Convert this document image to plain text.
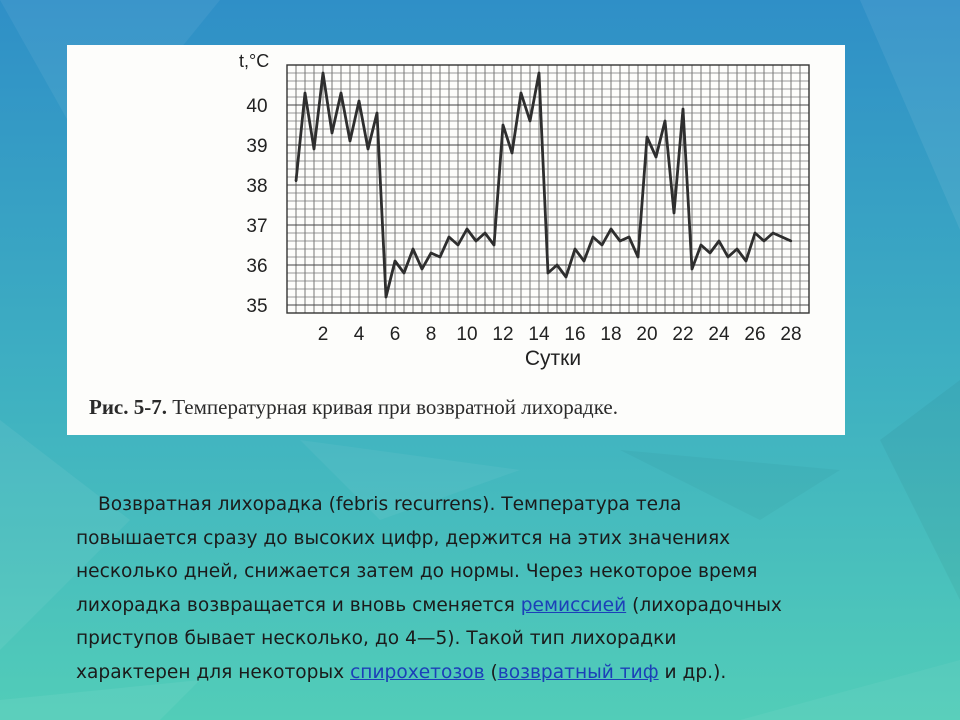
35
36
37
38
39
40
2 4 6 8 10 12 14 16 18 20 22 24 26 28
t,°C
Сутки
Рис. 5-7. Температурная кривая при возвратной лихорадке.
Возвратная лихорадка (febris recurrens). Температура тела
повышается сразу до высоких цифр, держится на этих значениях
несколько дней, снижается затем до нормы. Через некоторое время
лихорадка возвращается и вновь сменяется ремиссией (лихорадочных
приступов бывает несколько, до 4—5). Такой тип лихорадки
характерен для некоторых спирохетозов (возвратный тиф и др.).
